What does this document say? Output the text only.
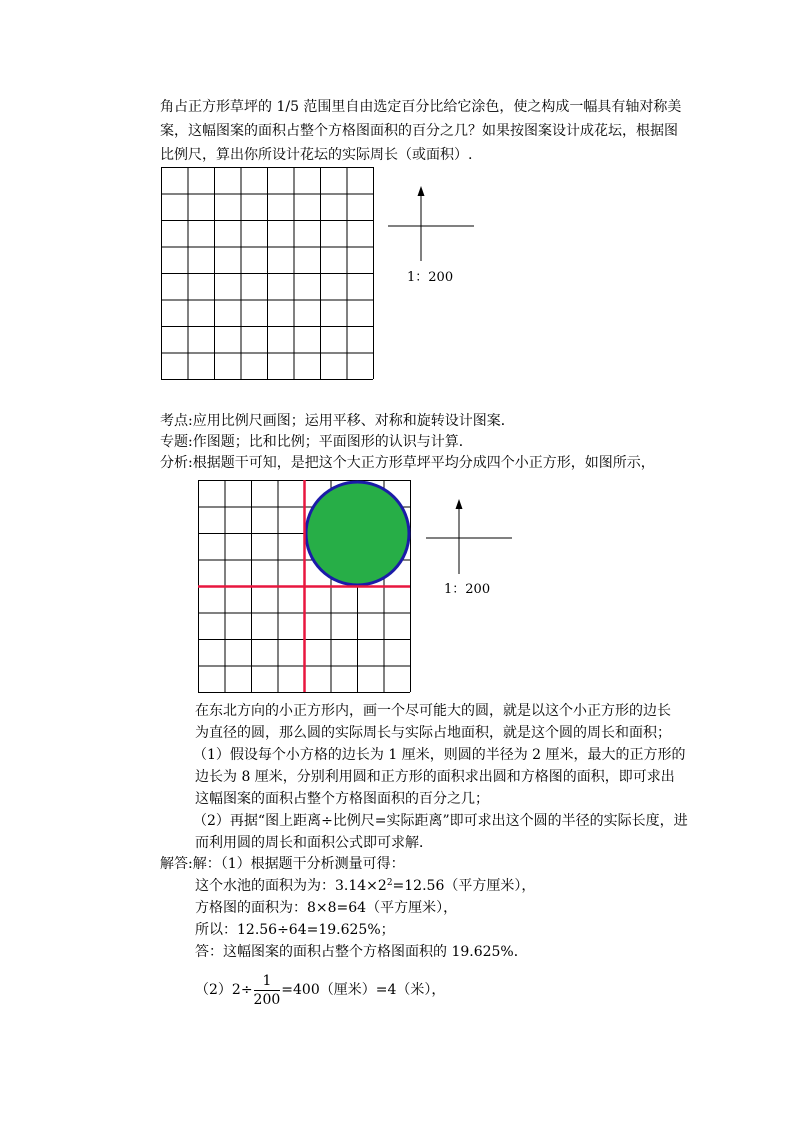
角占正方形草坪的 1/5 范围里自由选定百分比给它涂色，使之构成一幅具有轴对称美
案，这幅图案的面积占整个方格图面积的百分之几？如果按图案设计成花坛，根据图
比例尺，算出你所设计花坛的实际周长（或面积）.
1：200
考点:应用比例尺画图；运用平移、对称和旋转设计图案．
专题:作图题；比和比例；平面图形的认识与计算．
分析:根据题干可知，是把这个大正方形草坪平均分成四个小正方形，如图所示，
1：200
在东北方向的小正方形内，画一个尽可能大的圆，就是以这个小正方形的边长
为直径的圆，那么圆的实际周长与实际占地面积，就是这个圆的周长和面积；
（1）假设每个小方格的边长为 1 厘米，则圆的半径为 2 厘米，最大的正方形的
边长为 8 厘米，分别利用圆和正方形的面积求出圆和方格图的面积，即可求出
这幅图案的面积占整个方格图面积的百分之几；
（2）再据“图上距离÷比例尺=实际距离”即可求出这个圆的半径的实际长度，进
而利用圆的周长和面积公式即可求解．
解答:解：（1）根据题干分析测量可得：
这个水池的面积为为：$3.14\times 2^2=12.56$（平方厘米），
方格图的面积为：8×8=64（平方厘米），
所以：12.56÷64=19.625%；
答：这幅图案的面积占整个方格图面积的 19.625%．
$(2)2\div \frac{1}{200} =400$（厘米）=4（米），
